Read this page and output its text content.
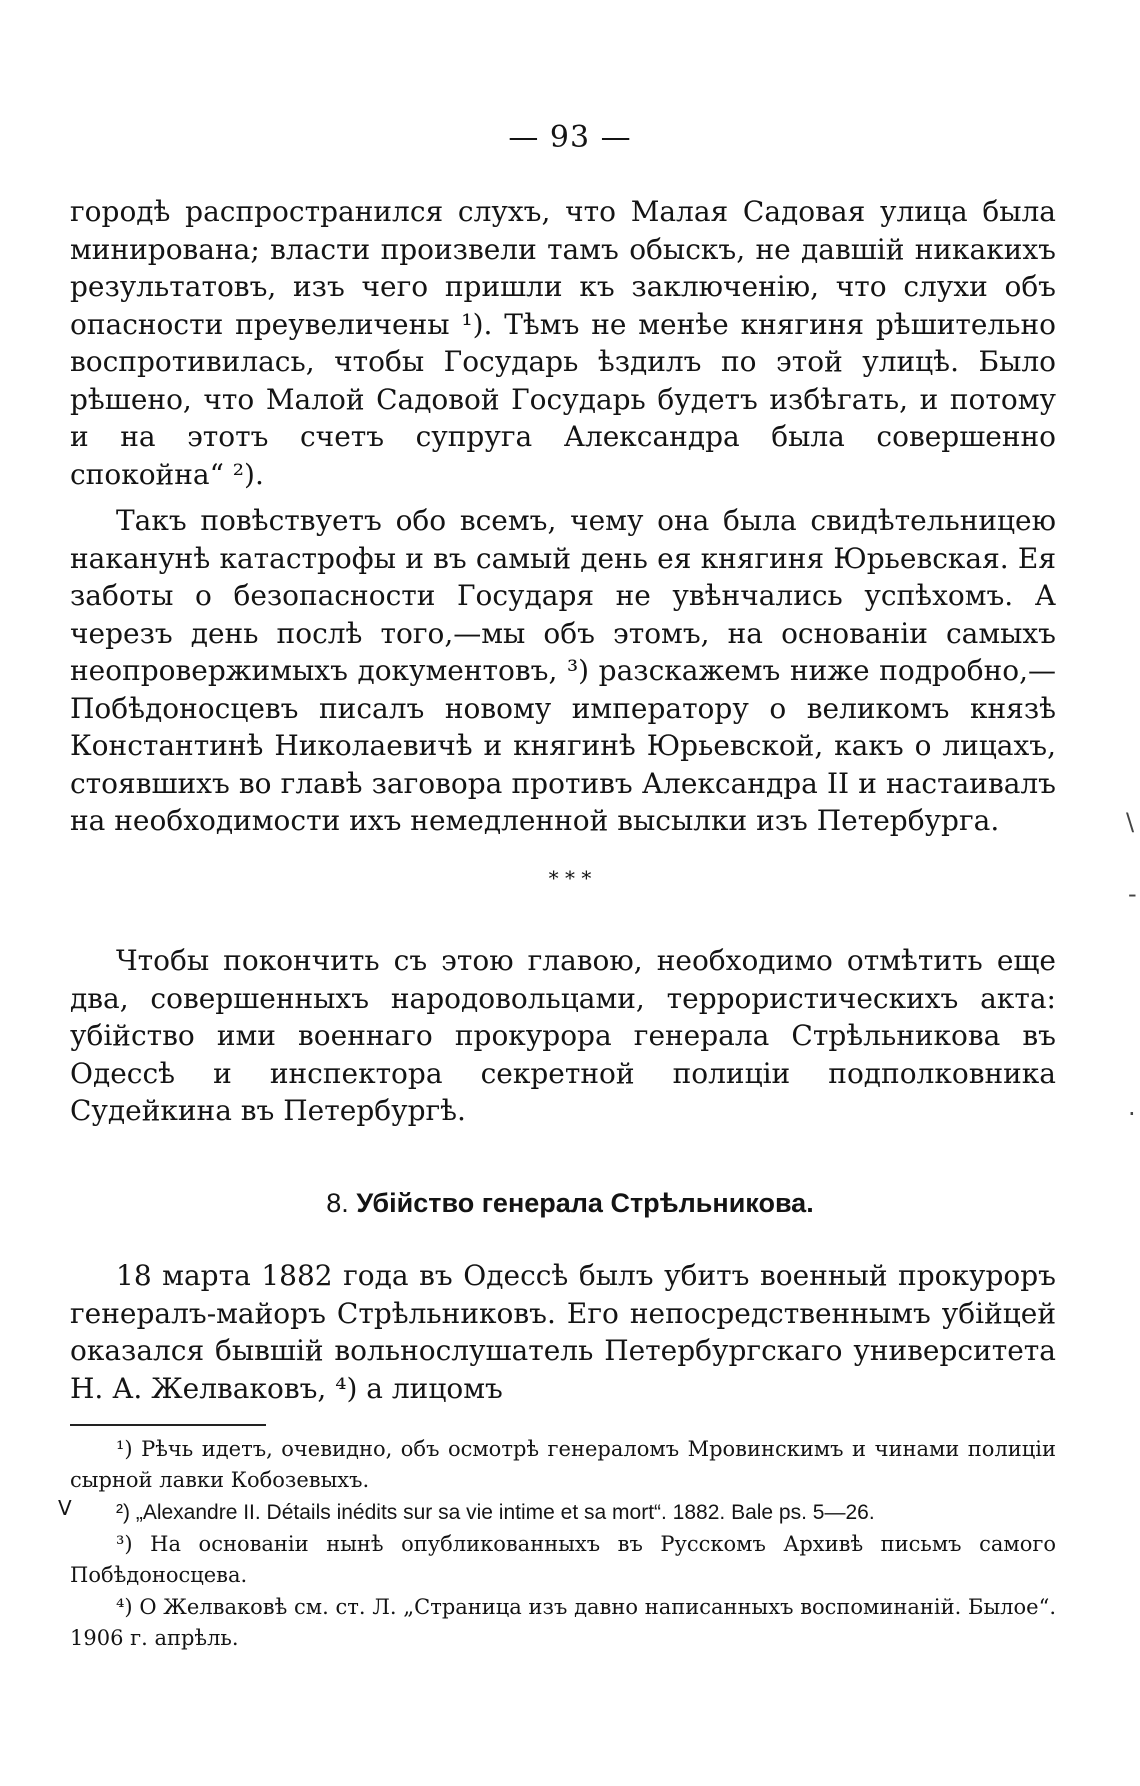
— 93 —

городѣ распространился слухъ, что Малая Садовая улица была минирована; власти произвели тамъ обыскъ, не давшій никакихъ результатовъ, изъ чего пришли къ заключенію, что слухи объ опасности преувеличены ¹). Тѣмъ не менѣе княгиня рѣшительно воспротивилась, чтобы Государь ѣздилъ по этой улицѣ. Было рѣшено, что Малой Садовой Государь будетъ избѣгать, и потому и на этотъ счетъ супруга Александра была совершенно спокойна“ ²).

Такъ повѣствуетъ обо всемъ, чему она была свидѣтельницею наканунѣ катастрофы и въ самый день ея княгиня Юрьевская. Ея заботы о безопасности Государя не увѣнчались успѣхомъ. А черезъ день послѣ того,—мы объ этомъ, на основаніи самыхъ неопровержимыхъ документовъ, ³) разскажемъ ниже подробно,—Побѣдоносцевъ писалъ новому императору о великомъ князѣ Константинѣ Николаевичѣ и княгинѣ Юрьевской, какъ о лицахъ, стоявшихъ во главѣ заговора противъ Александра II и настаивалъ на необходимости ихъ немедленной высылки изъ Петербурга.

* * *

Чтобы покончить съ этою главою, необходимо отмѣтить еще два, совершенныхъ народовольцами, террористическихъ акта: убійство ими военнаго прокурора генерала Стрѣльникова въ Одессѣ и инспектора секретной полиціи подполковника Судейкина въ Петербургѣ.

8. Убійство генерала Стрѣльникова.

18 марта 1882 года въ Одессѣ былъ убитъ военный прокуроръ генералъ-майоръ Стрѣльниковъ. Его непосредственнымъ убійцей оказался бывшій вольнослушатель Петербургскаго университета Н. А. Желваковъ, ⁴) а лицомъ

¹) Рѣчь идетъ, очевидно, объ осмотрѣ генераломъ Мровинскимъ и чинами полиціи сырной лавки Кобозевыхъ.

²) „Alexandre II. Détails inédits sur sa vie intime et sa mort“. 1882. Bale ps. 5—26.

³) На основаніи нынѣ опубликованныхъ въ Русскомъ Архивѣ письмъ самого Побѣдоносцева.

⁴) О Желваковѣ см. ст. Л. „Страница изъ давно написанныхъ воспоминаній. Былое“. 1906 г. апрѣль.

V
\
-
·
